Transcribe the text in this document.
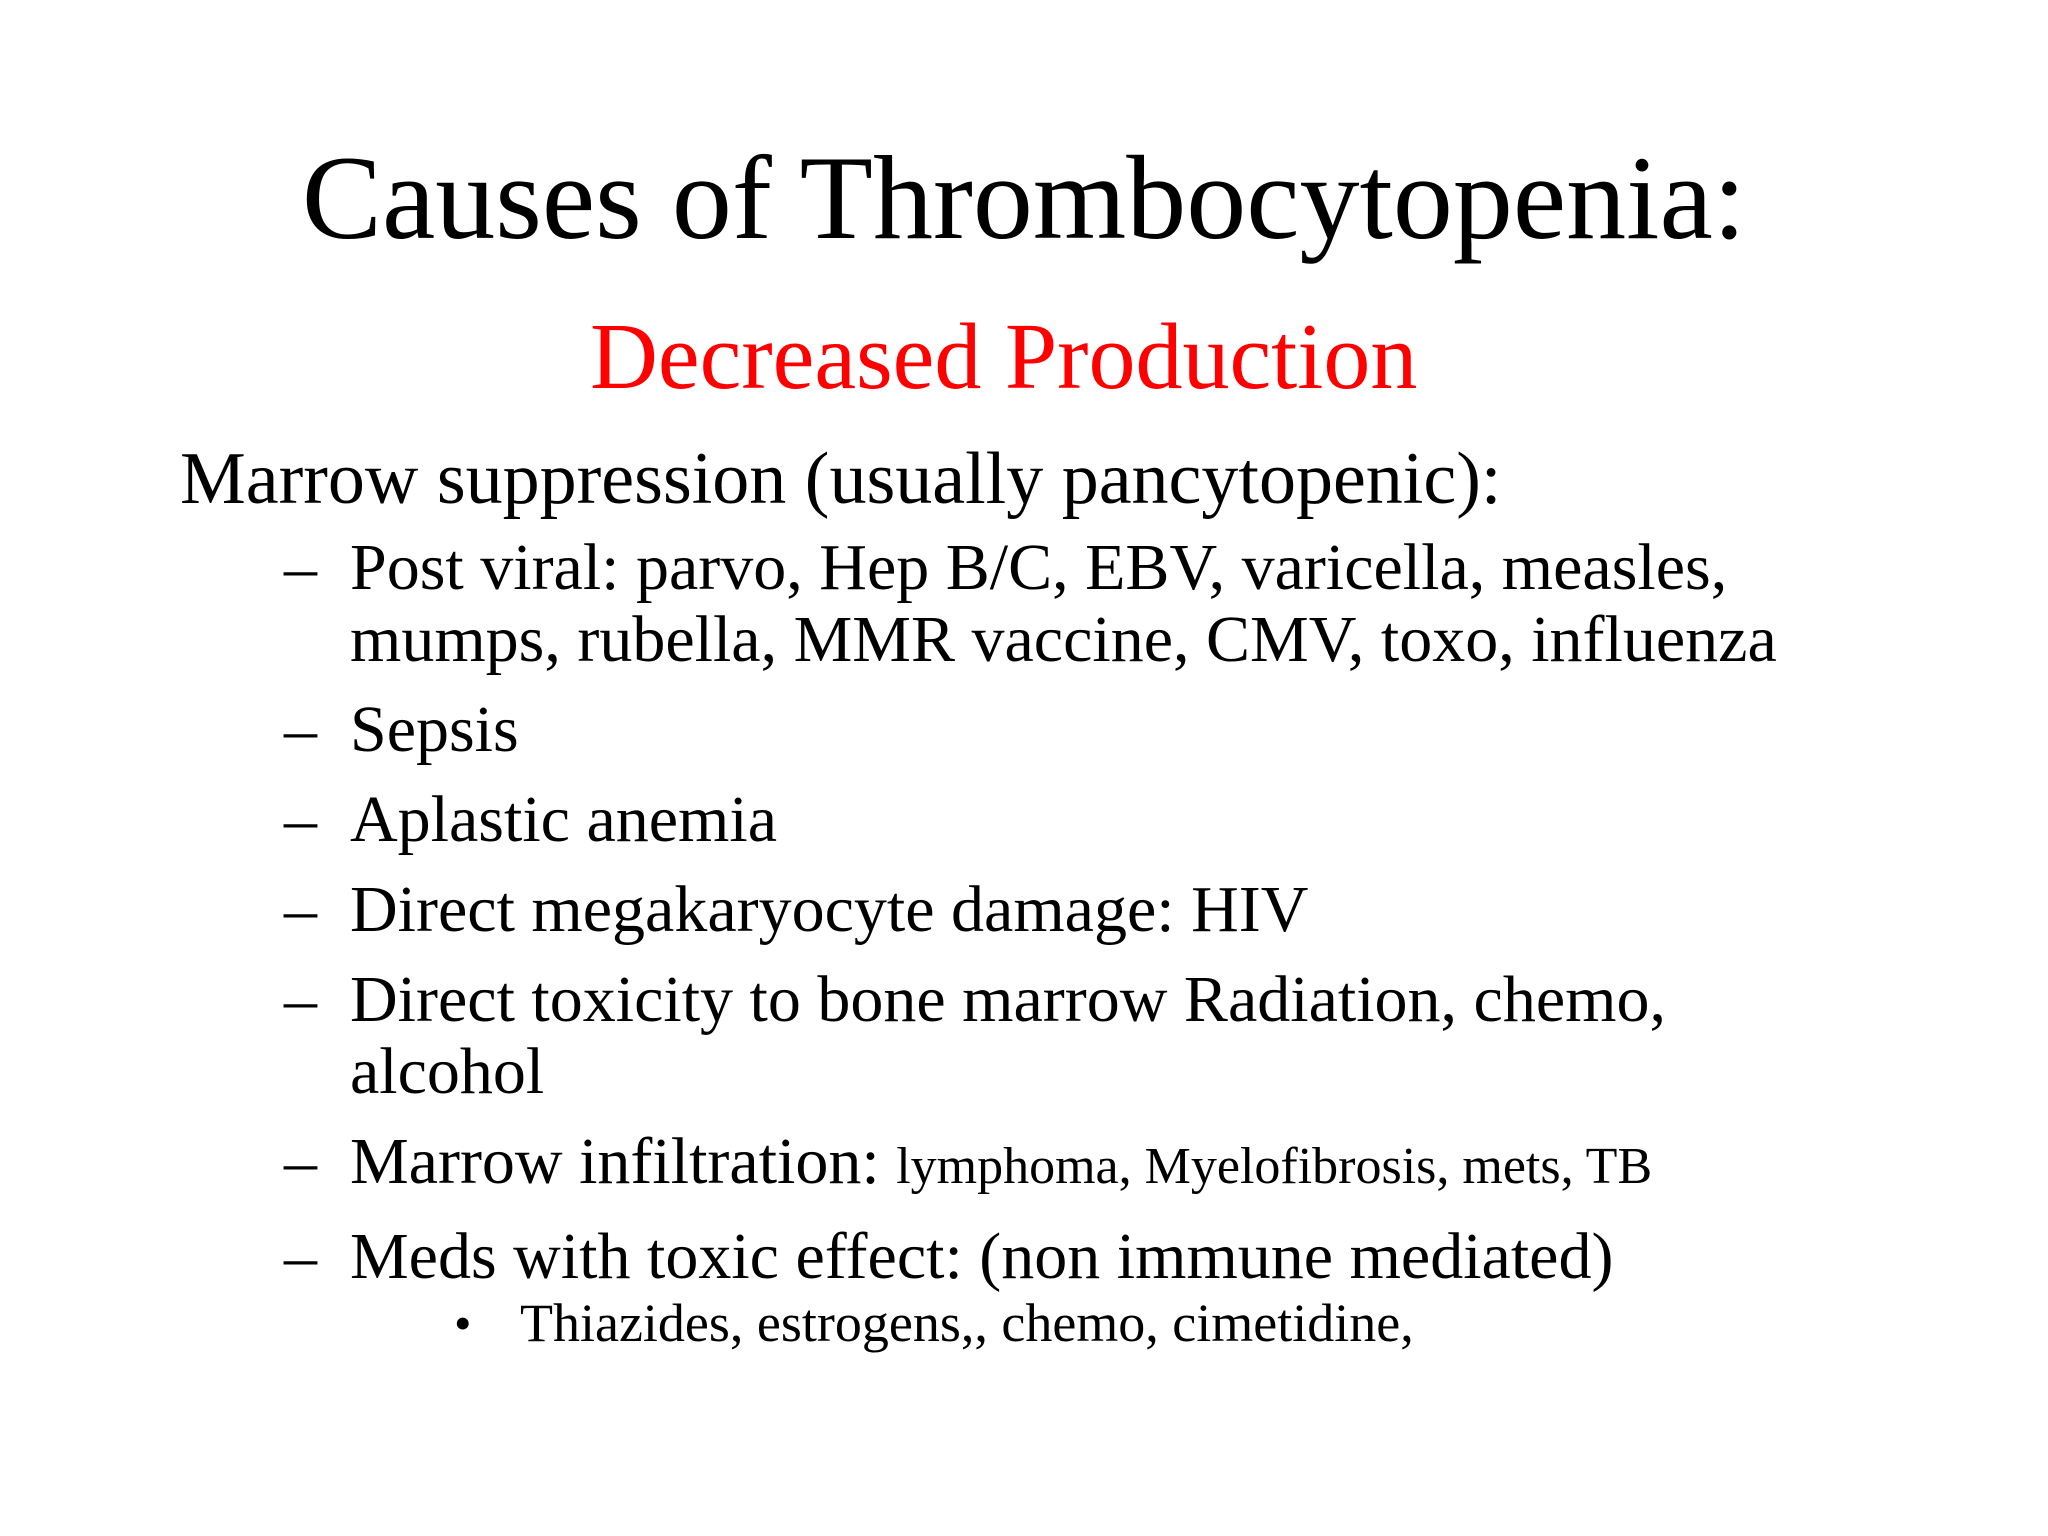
Causes of Thrombocytopenia:
Decreased Production
Marrow suppression (usually pancytopenic):
– Post viral: parvo, Hep B/C, EBV, varicella, measles, mumps, rubella, MMR vaccine, CMV, toxo, influenza
– Sepsis
– Aplastic anemia
– Direct megakaryocyte damage: HIV
– Direct toxicity to bone marrow Radiation, chemo, alcohol
– Marrow infiltration: lymphoma, Myelofibrosis, mets, TB
– Meds with toxic effect: (non immune mediated)
• Thiazides, estrogens,, chemo, cimetidine,
